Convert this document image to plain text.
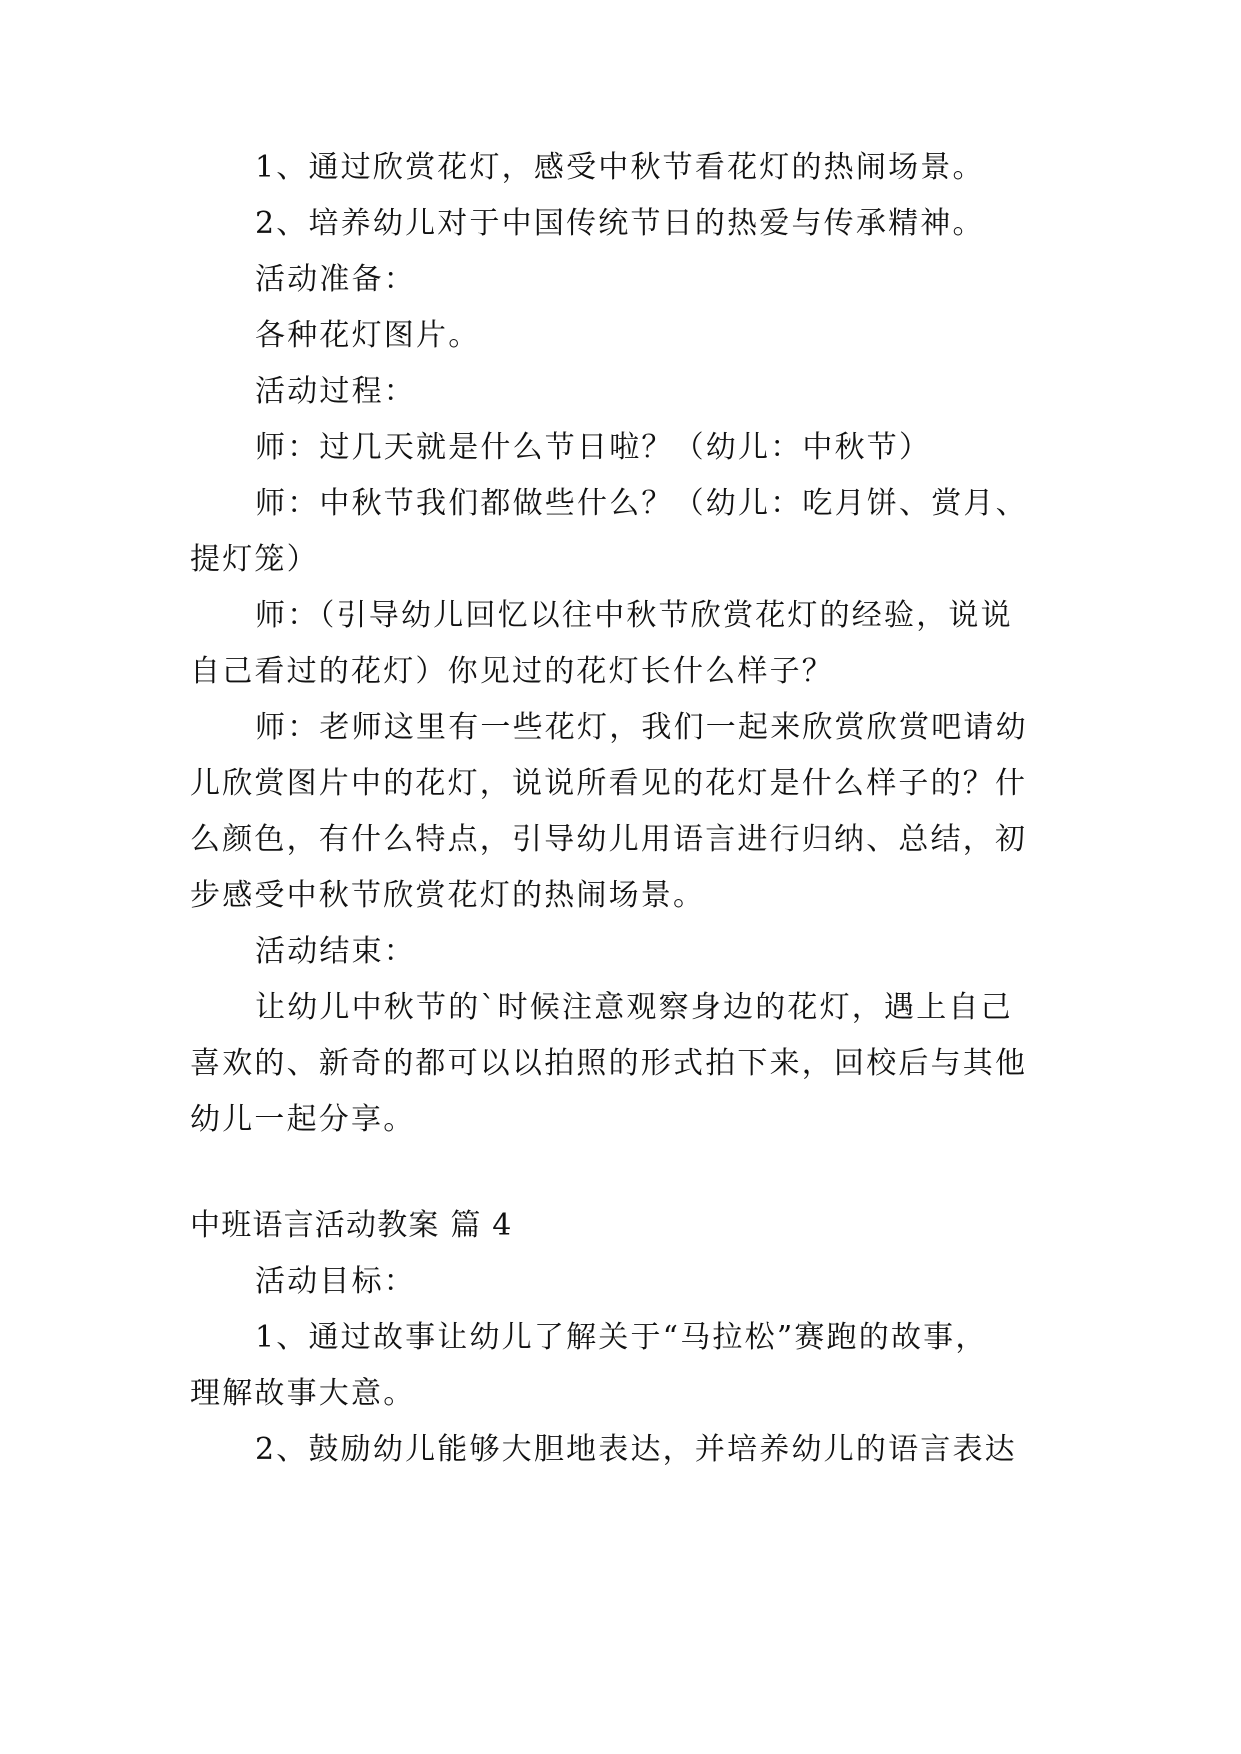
1、通过欣赏花灯，感受中秋节看花灯的热闹场景。
2、培养幼儿对于中国传统节日的热爱与传承精神。
活动准备：
各种花灯图片。
活动过程：
师：过几天就是什么节日啦？（幼儿：中秋节）
师：中秋节我们都做些什么？（幼儿：吃月饼、赏月、
提灯笼）
师：（引导幼儿回忆以往中秋节欣赏花灯的经验，说说
自己看过的花灯）你见过的花灯长什么样子？
师：老师这里有一些花灯，我们一起来欣赏欣赏吧请幼
儿欣赏图片中的花灯，说说所看见的花灯是什么样子的？什
么颜色，有什么特点，引导幼儿用语言进行归纳、总结，初
步感受中秋节欣赏花灯的热闹场景。
活动结束：
让幼儿中秋节的`时候注意观察身边的花灯，遇上自己
喜欢的、新奇的都可以以拍照的形式拍下来，回校后与其他
幼儿一起分享。
中班语言活动教案 篇 4
活动目标：
1、通过故事让幼儿了解关于“马拉松”赛跑的故事，
理解故事大意。
2、鼓励幼儿能够大胆地表达，并培养幼儿的语言表达
